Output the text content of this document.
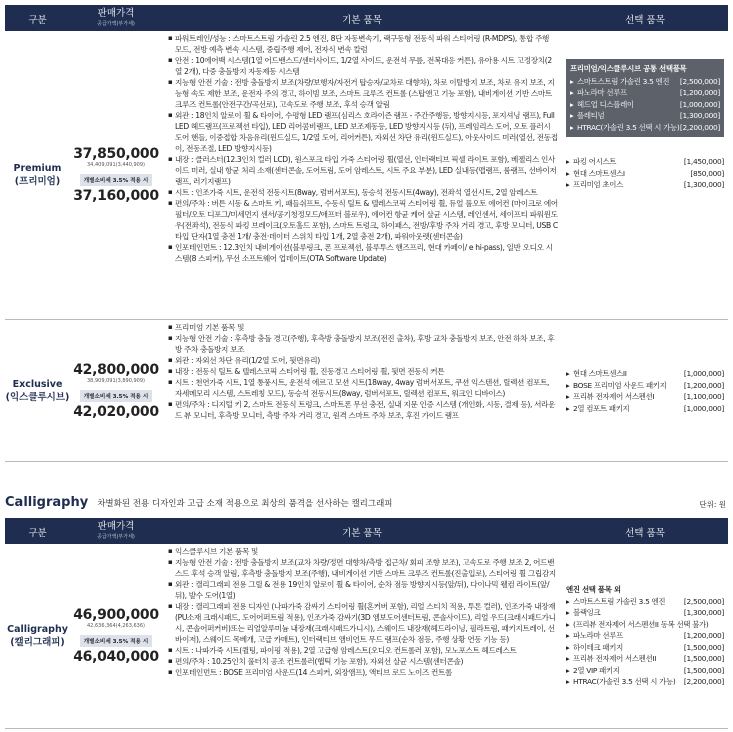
구분
판매가격
공급가액(부가세)	기본 품목	선택 품목
Premium
(프리미엄)
37,850,000
34,409,091(3,440,909)
개별소비세 3.5% 적용 시
37,160,000
▪ 파워트레인/성능 : 스마트스트림 가솔린 2.5 엔진, 8단 자동변속기, 랙구동형 전동식 파워 스티어링 (R-MDPS), 통합 주행 모드, 전방 예측 변속 시스템, 중립주행 제어, 전자식 변속 칼럼
▪ 안전 : 10에어백 시스템(1열 어드밴스드/센터사이드, 1/2열 사이드, 운전석 무릎, 전복대응 커튼), 유아용 시트 고정장치(2열 2개), 다중 충돌방지 자동제동 시스템
▪ 지능형 안전 기술 : 전방 충돌방지 보조(차량/보행자/자전거 탑승자/교차로 대향차), 차로 이탈방지 보조, 차로 유지 보조, 지능형 속도 제한 보조, 운전자 주의 경고, 하이빔 보조, 스마트 크루즈 컨트롤 (스탑앤고 기능 포함), 내비게이션 기반 스마트 크루즈 컨트롤(안전구간/곡선로), 고속도로 주행 보조, 후석 승객 알림
▪ 외관 : 18인치 알로이 휠 & 타이어, 수평형 LED 램프(심리스 호라이즌 램프 - 주간주행등, 방향지시등, 포지셔닝 램프), Full LED 헤드램프(프로젝션 타입), LED 리어콤비램프, LED 보조제동등, LED 방향지시등 (뒤), 프레임리스 도어, 오토 플러시 도어 핸들, 이중접합 차음유리(윈드실드, 1/2열 도어, 리어커튼), 자외선 차단 유리(윈드실드), 아웃사이드 미러(열선, 전동접이, 전동조절, LED 방향지시등)
▪ 내장 : 클러스터(12.3인치 컬러 LCD), 원스포크 타입 가죽 스티어링 휠(열선, 인터랙티브 픽셀 라이트 포함), 베젤리스 인사이드 미러, 실내 항균 처리 소재(센터콘솔, 도어트림, 도어 암레스트, 시트 주요 부분), LED 실내등(맵램프, 룸램프, 선바이저램프, 러기지램프)
▪ 시트 : 인조가죽 시트, 운전석 전동시트(8way, 럼버서포트), 동승석 전동시트(4way), 전좌석 열선시트, 2열 암레스트
▪ 편의/주차 : 버튼 시동 & 스마트 키, 패들쉬프트, 수동식 틸트 & 텔레스코픽 스티어링 휠, 듀얼 풀오토 에어컨 (마이크로 에어필터/오토 디포그/미세먼지 센서/공기청정모드/애프터 블로우), 에어컨 항균 케어 살균 시스템, 레인센서, 세이프티 파워윈도우(전좌석), 전동식 파킹 브레이크(오토홀드 포함), 스마트 트렁크, 하이패스, 전방/후방 주차 거리 경고, 후방 모니터, USB C 타입 단자(1열 충전 1개/ 충전·데이터 스위치 타입 1개, 2열 충전 2개), 파워아웃렛(센터콘솔)
▪ 인포테인먼트 : 12.3인치 내비게이션(블루링크, 폰 프로젝션, 블루투스 핸즈프리, 현대 카페이/ e hi-pass), 일반 오디오 시스템(8 스피커), 무선 소프트웨어 업데이트(OTA Software Update)
프리미엄/익스클루시브 공통 선택품목
▸ 스마트스트림 가솔린 3.5 엔진 [2,500,000]
▸ 파노라마 선루프	[1,200,000]
▸ 헤드업 디스플레이	[1,000,000]
▸ 플레티넘	[1,300,000]
▸ HTRAC(가솔린 3.5 선택 시 가능) [2,200,000]
▸ 파킹 어시스트	[1,450,000]
▸ 현대 스마트센스I	[850,000]
▸ 프리미엄 초이스	[1,300,000]
Exclusive
(익스클루시브)
42,800,000
38,909,091(3,890,909)
개별소비세 3.5% 적용 시
42,020,000
▪ 프리미엄 기본 품목 및
▪ 지능형 안전 기술 : 후측방 충돌 경고(주행), 후측방 충돌방지 보조(전진 출차), 후방 교차 충돌방지 보조, 안전 하차 보조, 후방 주차 충돌방지 보조
▪ 외관 : 자외선 차단 유리(1/2열 도어, 뒷면유리)
▪ 내장 : 전동식 틸트 & 텔레스코픽 스티어링 휠, 진동경고 스티어링 휠, 뒷면 전동식 커튼
▪ 시트 : 천연가죽 시트, 1열 통풍시트, 운전석 에르고 모션 시트(18way, 4way 럼버서포트, 쿠션 익스텐션, 릴렉션 컴포트, 자세메모리 시스템, 스트레칭 모드), 동승석 전동시트(8way, 럼버서포트, 릴렉션 컴포트, 워크인 디바이스)
▪ 편의/주차 : 디지털 키 2, 스마트 전동식 트렁크, 스마트폰 무선 충전, 실내 지문 인증 시스템 (개인화, 시동, 결제 등), 서라운드 뷰 모니터, 후측방 모니터, 측방 주차 거리 경고, 원격 스마트 주차 보조, 후진 가이드 램프
▸ 현대 스마트센스II	[1,000,000]
▸ BOSE 프리미엄 사운드 패키지 [1,200,000]
▸ 프리뷰 전자제어 서스펜션I	[1,100,000]
▸ 2열 컴포트 패키지	[1,000,000]
Calligraphy 차별화된 전용 디자인과 고급 소재 적용으로 최상의 품격을 선사하는 캘리그래피	단위: 원
구분
판매가격
공급가액(부가세)	기본 품목	선택 품목
Calligraphy
(캘리그래피)
46,900,000
42,636,364(4,263,636)
개별소비세 3.5% 적용 시
46,040,000
▪ 익스클루시브 기본 품목 및
▪ 지능형 안전 기술 : 전방 충돌방지 보조(교차 차량/정면 대향차/측방 접근차/ 회피 조향 보조), 고속도로 주행 보조 2, 어드밴스드 후석 승객 알림, 후측방 충돌방지 보조(주행), 내비게이션 기반 스마트 크루즈 컨트롤(진출입로), 스티어링 휠 그립감지
▪ 외관 : 캘리그래피 전용 그릴 & 전용 19인치 알로이 휠 & 타이어, 순차 점등 방향지시등(앞/뒤), 다이나믹 웰컴 라이트(앞/뒤), 발수 도어(1열)
▪ 내장 : 캘리그래피 전용 디자인 (나파가죽 감싸기 스티어링 휠(혼커버 포함), 리얼 스티치 적용, 투톤 컬러), 인조가죽 내장재(PU소재 크래시패드, 도어어퍼트림 적용), 인조가죽 감싸기(3D 엠보도어센터트림, 콘솔사이드), 리얼 우드(크래시패드가니시, 콘솔어퍼커버)또는 리얼알루미늄 내장재(크래시패드가니시), 스웨이드 내장재(헤드라이닝, 필라트림, 패키지트레이, 선바이저), 스웨이드 목베개, 고급 카매트), 인터랙티브 앰비언트 무드 램프(순차 점등, 주행 상황 연동 기능 등)
▪ 시트 : 나파가죽 시트(퀼팅, 파이핑 적용), 2열 고급형 암레스트(오디오 컨트롤러 포함), 모노포스트 헤드레스트
▪ 편의/주차 : 10.25인치 풀터치 공조 컨트롤러(햅틱 기능 포함), 자외선 살균 시스템(센터콘솔)
▪ 인포테인먼트 : BOSE 프리미엄 사운드(14 스피커, 외장앰프), 액티브 로드 노이즈 컨트롤
엔진 선택 품목 외
▸ 스마트스트림 가솔린 3.5 엔진	[2,500,000]
▸ 블랙잉크	[1,300,000]
▸ (프리뷰 전자제어 서스펜션II 동복 선택 불가)
▸ 파노라마 선루프	[1,200,000]
▸ 하이테크 패키지	[1,500,000]
▸ 프리뷰 전자제어 서스펜션II	[1,500,000]
▸ 2열 VIP 패키지	[1,500,000]
▸ HTRAC(가솔린 3.5 선택 시 가능) [2,200,000]
